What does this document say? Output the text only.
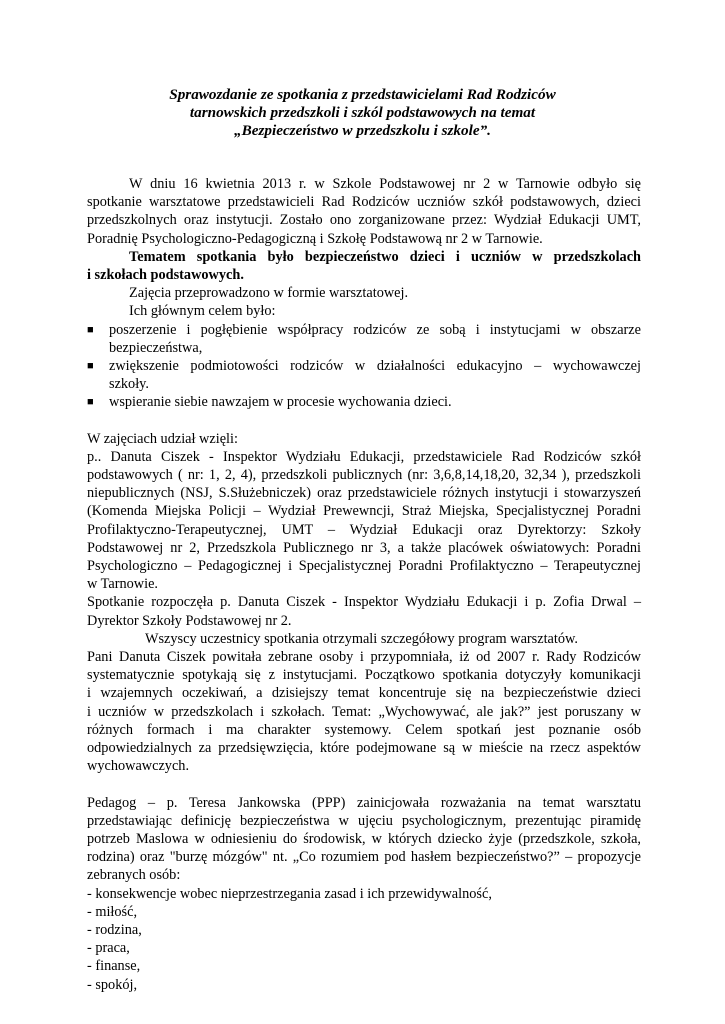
Sprawozdanie ze spotkania z przedstawicielami Rad Rodziców
tarnowskich przedszkoli i szkól podstawowych na temat
„Bezpieczeństwo w przedszkolu i szkole”.
W dniu 16 kwietnia 2013 r. w Szkole Podstawowej nr 2 w Tarnowie odbyło się
spotkanie warsztatowe przedstawicieli Rad Rodziców uczniów szkół podstawowych, dzieci
przedszkolnych oraz instytucji. Zostało ono zorganizowane przez: Wydział Edukacji UMT,
Poradnię Psychologiczno-Pedagogiczną i Szkołę Podstawową nr 2 w Tarnowie.
Tematem spotkania było bezpieczeństwo dzieci i uczniów w przedszkolach
i szkołach podstawowych.
Zajęcia przeprowadzono w formie warsztatowej.
Ich głównym celem było:
■ poszerzenie i pogłębienie współpracy rodziców ze sobą i instytucjami w obszarze
bezpieczeństwa,
■ zwiększenie podmiotowości rodziców w działalności edukacyjno – wychowawczej
szkoły.
■ wspieranie siebie nawzajem w procesie wychowania dzieci.
W zajęciach udział wzięli:
p.. Danuta Ciszek - Inspektor Wydziału Edukacji, przedstawiciele Rad Rodziców szkół
podstawowych ( nr: 1, 2, 4), przedszkoli publicznych (nr: 3,6,8,14,18,20, 32,34 ), przedszkoli
niepublicznych (NSJ, S.Służebniczek) oraz przedstawiciele różnych instytucji i stowarzyszeń
(Komenda Miejska Policji – Wydział Prewewncji, Straż Miejska, Specjalistycznej Poradni
Profilaktyczno-Terapeutycznej, UMT – Wydział Edukacji oraz Dyrektorzy: Szkoły
Podstawowej nr 2, Przedszkola Publicznego nr 3, a także placówek oświatowych: Poradni
Psychologiczno – Pedagogicznej i Specjalistycznej Poradni Profilaktyczno – Terapeutycznej
w Tarnowie.
Spotkanie rozpoczęła p. Danuta Ciszek - Inspektor Wydziału Edukacji i p. Zofia Drwal –
Dyrektor Szkoły Podstawowej nr 2.
Wszyscy uczestnicy spotkania otrzymali szczegółowy program warsztatów.
Pani Danuta Ciszek powitała zebrane osoby i przypomniała, iż od 2007 r. Rady Rodziców
systematycznie spotykają się z instytucjami. Początkowo spotkania dotyczyły komunikacji
i wzajemnych oczekiwań, a dzisiejszy temat koncentruje się na bezpieczeństwie dzieci
i uczniów w przedszkolach i szkołach. Temat: „Wychowywać, ale jak?” jest poruszany w
różnych formach i ma charakter systemowy. Celem spotkań jest poznanie osób
odpowiedzialnych za przedsięwzięcia, które podejmowane są w mieście na rzecz aspektów
wychowawczych.
Pedagog – p. Teresa Jankowska (PPP) zainicjowała rozważania na temat warsztatu
przedstawiając definicję bezpieczeństwa w ujęciu psychologicznym, prezentując piramidę
potrzeb Maslowa w odniesieniu do środowisk, w których dziecko żyje (przedszkole, szkoła,
rodzina) oraz "burzę mózgów" nt. „Co rozumiem pod hasłem bezpieczeństwo?” – propozycje
zebranych osób:
- konsekwencje wobec nieprzestrzegania zasad i ich przewidywalność,
- miłość,
- rodzina,
- praca,
- finanse,
- spokój,
